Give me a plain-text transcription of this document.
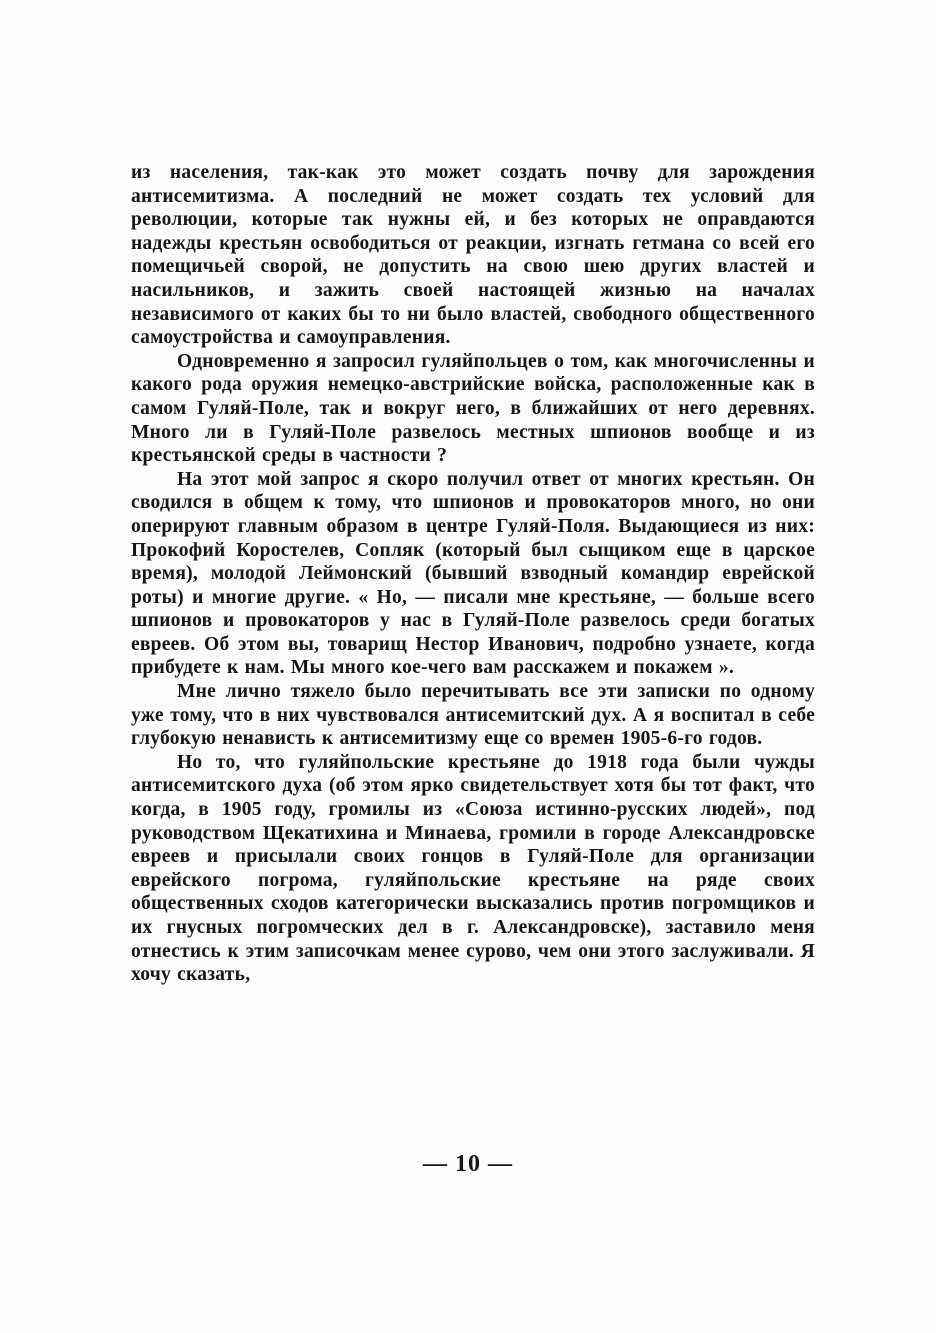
из населения, так-как это может создать почву для зарождения антисемитизма. А последний не может создать тех условий для революции, которые так нужны ей, и без которых не оправдаются надежды крестьян освободиться от реакции, изгнать гетмана со всей его помещичьей сворой, не допустить на свою шею других властей и насильников, и зажить своей настоящей жизнью на началах независимого от каких бы то ни было властей, свободного общественного самоустройства и самоуправления.

Одновременно я запросил гуляйпольцев о том, как многочисленны и какого рода оружия немецко-австрийские войска, расположенные как в самом Гуляй-Поле, так и вокруг него, в ближайших от него деревнях. Много ли в Гуляй-Поле развелось местных шпионов вообще и из крестьянской среды в частности ?

На этот мой запрос я скоро получил ответ от многих крестьян. Он сводился в общем к тому, что шпионов и провокаторов много, но они оперируют главным образом в центре Гуляй-Поля. Выдающиеся из них: Прокофий Коростелев, Сопляк (который был сыщиком еще в царское время), молодой Леймонский (бывший взводный командир еврейской роты) и многие другие. « Но, — писали мне крестьяне, — больше всего шпионов и провокаторов у нас в Гуляй-Поле развелось среди богатых евреев. Об этом вы, товарищ Нестор Иванович, подробно узнаете, когда прибудете к нам. Мы много кое-чего вам расскажем и покажем ».

Мне лично тяжело было перечитывать все эти записки по одному уже тому, что в них чувствовался антисемитский дух. А я воспитал в себе глубокую ненависть к антисемитизму еще со времен 1905-6-го годов.

Но то, что гуляйпольские крестьяне до 1918 года были чужды антисемитского духа (об этом ярко свидетельствует хотя бы тот факт, что когда, в 1905 году, громилы из «Союза истинно-русских людей», под руководством Щекатихина и Минаева, громили в городе Александровске евреев и присылали своих гонцов в Гуляй-Поле для организации еврейского погрома, гуляйпольские крестьяне на ряде своих общественных сходов категорически высказались против погромщиков и их гнусных погромческих дел в г. Александровске), заставило меня отнестись к этим записочкам менее сурово, чем они этого заслуживали. Я хочу сказать,

— 10 —
